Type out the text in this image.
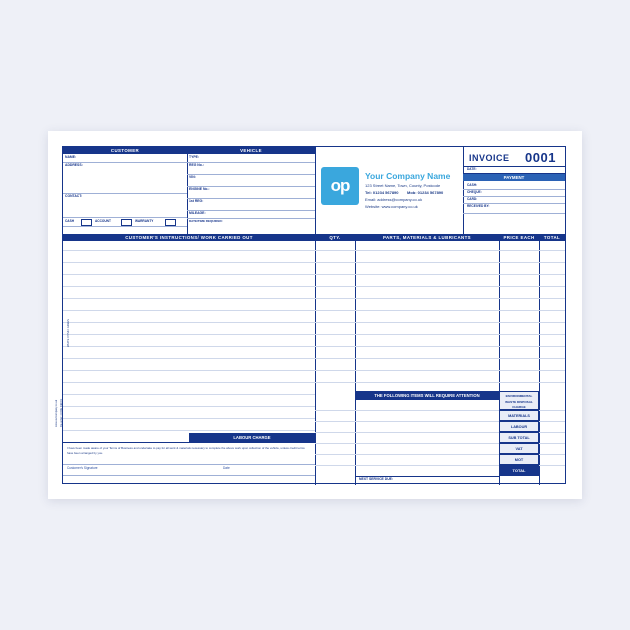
CUSTOMER	VEHICLE
NAME:
ADDRESS:
CONTACT:
CASH	ACCOUNT	WARRANTY
TYPE:
REG No.:
VIN:
ENGINE No.:
1st REG:
MILEAGE:
DATE/TIME REQUIRED:
op	Your Company Name
123 Street Name, Town, County, Postcode
Tel: 01234 567890 Mob: 01234 567890
Email: address@company.co.uk
Website: www.company.co.uk
INVOICE 0001
DATE:
PAYMENT
CASH:
CHEQUE:
CARD:
RECEIVED BY:
CUSTOMER'S INSTRUCTIONS/ WORK CARRIED OUT	QTY.	PARTS, MATERIALS & LUBRICANTS	PRICE EACH	TOTAL
THE FOLLOWING ITEMS WILL REQUIRE ATTENTION	ENVIRONMENTAL WASTE DISPOSAL CHARGE
MATERIALS
LABOUR
SUB TOTAL
VAT
MOT
TOTAL
LABOUR CHARGE
I have been made aware of your Terms of Business and undertake to pay for all work & materials necessary to complete the above work upon collection of the vehicle, unless credit terms have been arranged by you.
Customer's Signature	Date
NEXT SERVICE DUE:
www.ourcompany.co.uk Re-order: CODE REF01
WHITE / PINK / GREEN
